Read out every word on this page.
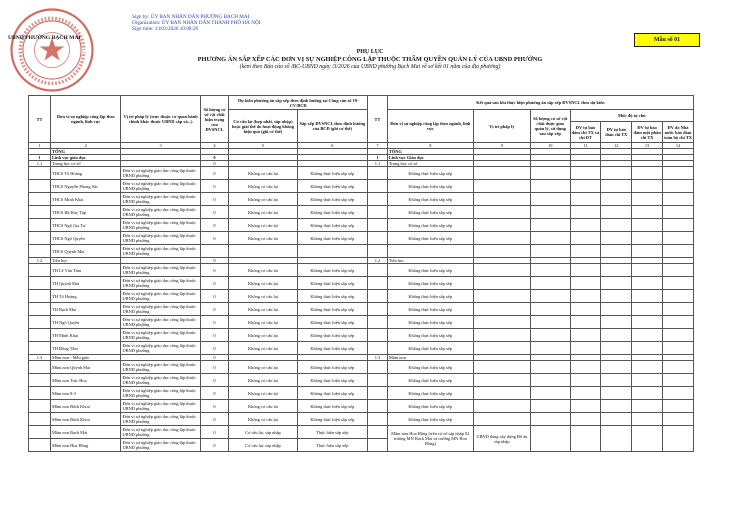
Sign by: ỦY BAN NHÂN DÂN PHƯỜNG BẠCH MAI
Organization: ỦY BAN NHÂN DÂN THÀNH PHỐ HÀ NỘI
Sign time: 13/03/2026 10:08:26
UBND PHƯỜNG BẠCH MAI	Mẫu số 01
PHỤ LỤC
PHƯƠNG ÁN SẮP XẾP CÁC ĐƠN VỊ SỰ NGHIỆP CÔNG LẬP THUỘC THẨM QUYỀN QUẢN LÝ CỦA UBND PHƯỜNG
(kèm theo Báo cáo số /BC-UBND ngày /3/2026 của UBND phường Bạch Mai về sơ kết 01 năm của địa phương)
TT	Đơn vị sự nghiệp công lập theo ngành, lĩnh vực	Vị trí pháp lý (trực thuộc cơ quan hành chính khác thuộc UBND cấp xã...)	Số lượng cơ sở vật chất hiện trạng của ĐVSNCL	Dự kiến phương án sắp xếp theo định hướng tại Công văn số 19-CV/BCĐ		TT	Kết quả sau khi thực hiện phương án sắp xếp ĐVSNCL theo dự kiến						
				Cơ cấu lại (hợp nhất, sáp nhập) hoặc giải thể do hoạt động không hiệu quả (ghi cơ thể)	Sắp xếp ĐVSNCL theo định hướng của BCĐ (ghi cơ thể)		Đơn vị sự nghiệp công lập theo ngành, lĩnh vực	Vị trí pháp lý	Số lượng cơ sở vật chất được giao quản lý, sử dụng sau sắp xếp	Mức độ tự chủ			
										ĐV tự bảo đảm chi TX và chi ĐT	ĐV tự bảo đảm chi TX	ĐV tự bảo đảm một phần chi TX	ĐV do Nhà nước bảo đảm toàn bộ chi TX
1	2	3	4	5	6	7	8	9	10	11	12	13	14
	TỔNG						TỔNG						
1	Lĩnh vực giáo dục		0			1	Lĩnh vực Giáo dục						
1.1	Trung học cơ sở		0			1.1	Trung học cơ sở						
	THCS Tô Hoàng	Đơn vị sự nghiệp giáo dục công lập thuộc UBND phường	0	Không cơ cấu lại	Không thực hiện sắp xếp		Không thực hiện sắp xếp						
	THCS Nguyễn Phong Sắc	Đơn vị sự nghiệp giáo dục công lập thuộc UBND phường	0	Không cơ cấu lại	Không thực hiện sắp xếp		Không thực hiện sắp xếp						
	THCS Minh Khai	Đơn vị sự nghiệp giáo dục công lập thuộc UBND phường	0	Không cơ cấu lại	Không thực hiện sắp xếp		Không thực hiện sắp xếp						
	THCS Hà Huy Tập	Đơn vị sự nghiệp giáo dục công lập thuộc UBND phường	0	Không cơ cấu lại	Không thực hiện sắp xếp		Không thực hiện sắp xếp						
	THCS Ngô Gia Tự	Đơn vị sự nghiệp giáo dục công lập thuộc UBND phường	0	Không cơ cấu lại	Không thực hiện sắp xếp		Không thực hiện sắp xếp						
	THCS Ngô Quyền	Đơn vị sự nghiệp giáo dục công lập thuộc UBND phường	0	Không cơ cấu lại	Không thực hiện sắp xếp		Không thực hiện sắp xếp						
	THCS Quỳnh Mai	Đơn vị sự nghiệp giáo dục công lập thuộc UBND phường											
1.2	Tiểu học		0			1.2	Tiểu học						
	TH Lê Văn Tám	Đơn vị sự nghiệp giáo dục công lập thuộc UBND phường	0	Không cơ cấu lại	Không thực hiện sắp xếp		Không thực hiện sắp xếp						
	TH Quỳnh Mai	Đơn vị sự nghiệp giáo dục công lập thuộc UBND phường	0	Không cơ cấu lại	Không thực hiện sắp xếp		Không thực hiện sắp xếp						
	TH Tô Hoàng	Đơn vị sự nghiệp giáo dục công lập thuộc UBND phường	0	Không cơ cấu lại	Không thực hiện sắp xếp		Không thực hiện sắp xếp						
	TH Bạch Mai	Đơn vị sự nghiệp giáo dục công lập thuộc UBND phường	0	Không cơ cấu lại	Không thực hiện sắp xếp		Không thực hiện sắp xếp						
	TH Ngô Quyền	Đơn vị sự nghiệp giáo dục công lập thuộc UBND phường	0	Không cơ cấu lại	Không thực hiện sắp xếp		Không thực hiện sắp xếp						
	TH Minh Khai	Đơn vị sự nghiệp giáo dục công lập thuộc UBND phường	0	Không cơ cấu lại	Không thực hiện sắp xếp		Không thực hiện sắp xếp						
	TH Đồng Tâm	Đơn vị sự nghiệp giáo dục công lập thuộc UBND phường	0	Không cơ cấu lại	Không thực hiện sắp xếp		Không thực hiện sắp xếp						
1.3	Mầm non - Mẫu giáo		0			1.3	Mầm non						
	Mầm non Quỳnh Mai	Đơn vị sự nghiệp giáo dục công lập thuộc UBND phường	0	Không cơ cấu lại	Không thực hiện sắp xếp		Không thực hiện sắp xếp						
	Mầm non Trúc Hoa	Đơn vị sự nghiệp giáo dục công lập thuộc UBND phường	0	Không cơ cấu lại	Không thực hiện sắp xếp		Không thực hiện sắp xếp						
	Mầm non 8-3	Đơn vị sự nghiệp giáo dục công lập thuộc UBND phường	0	Không cơ cấu lại	Không thực hiện sắp xếp		Không thực hiện sắp xếp						
	Mầm non Bách Khoa	Đơn vị sự nghiệp giáo dục công lập thuộc UBND phường	0	Không cơ cấu lại	Không thực hiện sắp xếp		Không thực hiện sắp xếp						
	Mầm non Bách Khoa	Đơn vị sự nghiệp giáo dục công lập thuộc UBND phường	0	Không cơ cấu lại	Không thực hiện sắp xếp		Không thực hiện sắp xếp						
	Mầm non Bạch Mai	Đơn vị sự nghiệp giáo dục công lập thuộc UBND phường	0	Cơ cấu lại, sáp nhập	Thực hiện sắp xếp		Mầm non Hoa Hồng (trên cơ sở sáp nhập 02 trường MN Bạch Mai và trường MN Hoa Hồng)	UBND đang xây dựng Đề án sáp nhập					
	Mầm non Hoa Hồng	Đơn vị sự nghiệp giáo dục công lập thuộc UBND phường	0	Cơ cấu lại, sáp nhập	Thực hiện sắp xếp								
